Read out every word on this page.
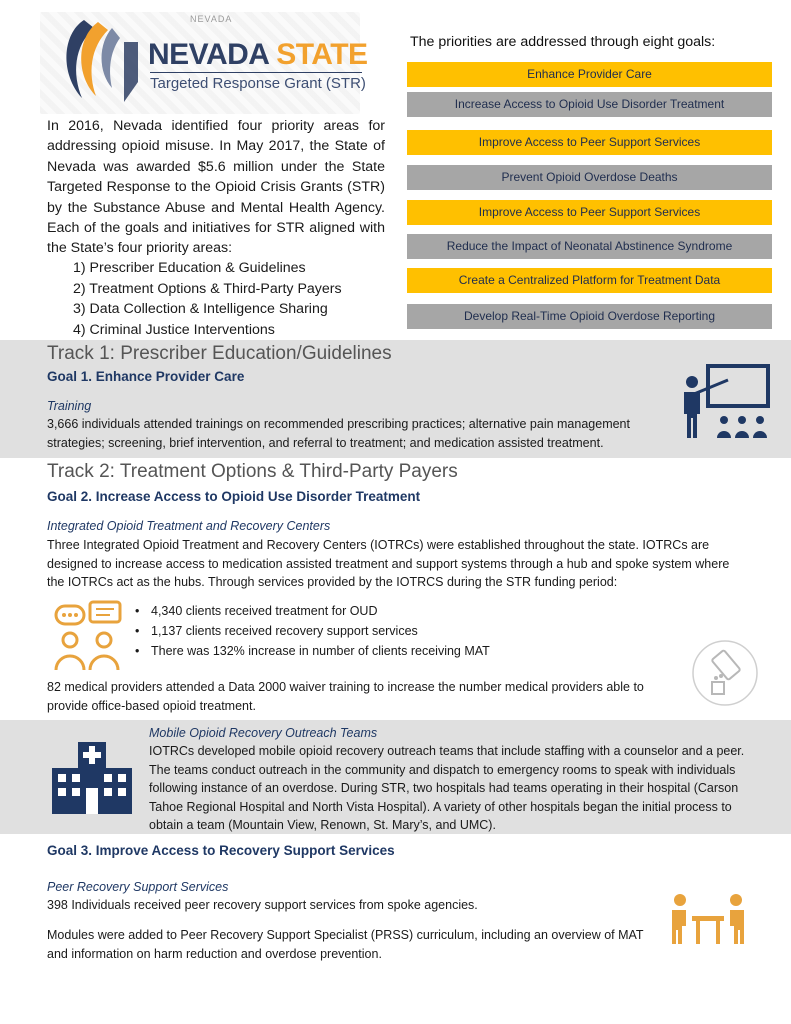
NEVADA
NEVADA STATE
Targeted Response Grant (STR)
In 2016, Nevada identified four priority areas for addressing opioid misuse. In May 2017, the State of Nevada was awarded $5.6 million under the State Targeted Response to the Opioid Crisis Grants (STR) by the Substance Abuse and Mental Health Agency. Each of the goals and initiatives for STR aligned with the State’s four priority areas:
1) Prescriber Education & Guidelines
2) Treatment Options & Third-Party Payers
3) Data Collection & Intelligence Sharing
4) Criminal Justice Interventions
The priorities are addressed through eight goals:
Enhance Provider Care
Increase Access to Opioid Use Disorder Treatment
Improve Access to Peer Support Services
Prevent Opioid Overdose Deaths
Improve Access to Peer Support Services
Reduce the Impact of Neonatal Abstinence Syndrome
Create a Centralized Platform for Treatment Data
Develop Real-Time Opioid Overdose Reporting
Track 1: Prescriber Education/Guidelines
Goal 1. Enhance Provider Care
Training
3,666 individuals attended trainings on recommended prescribing practices; alternative pain management strategies; screening, brief intervention, and referral to treatment; and medication assisted treatment.
Track 2: Treatment Options & Third-Party Payers
Goal 2. Increase Access to Opioid Use Disorder Treatment
Integrated Opioid Treatment and Recovery Centers
Three Integrated Opioid Treatment and Recovery Centers (IOTRCs) were established throughout the state. IOTRCs are designed to increase access to medication assisted treatment and support systems through a hub and spoke system where the IOTRCs act as the hubs. Through services provided by the IOTRCS during the STR funding period:
• 4,340 clients received treatment for OUD
• 1,137 clients received recovery support services
• There was 132% increase in number of clients receiving MAT
82 medical providers attended a Data 2000 waiver training to increase the number medical providers able to provide office-based opioid treatment.
Mobile Opioid Recovery Outreach Teams
IOTRCs developed mobile opioid recovery outreach teams that include staffing with a counselor and a peer. The teams conduct outreach in the community and dispatch to emergency rooms to speak with individuals following instance of an overdose. During STR, two hospitals had teams operating in their hospital (Carson Tahoe Regional Hospital and North Vista Hospital). A variety of other hospitals began the initial process to obtain a team (Mountain View, Renown, St. Mary’s, and UMC).
Goal 3. Improve Access to Recovery Support Services
Peer Recovery Support Services
398 Individuals received peer recovery support services from spoke agencies.
Modules were added to Peer Recovery Support Specialist (PRSS) curriculum, including an overview of MAT and information on harm reduction and overdose prevention.
